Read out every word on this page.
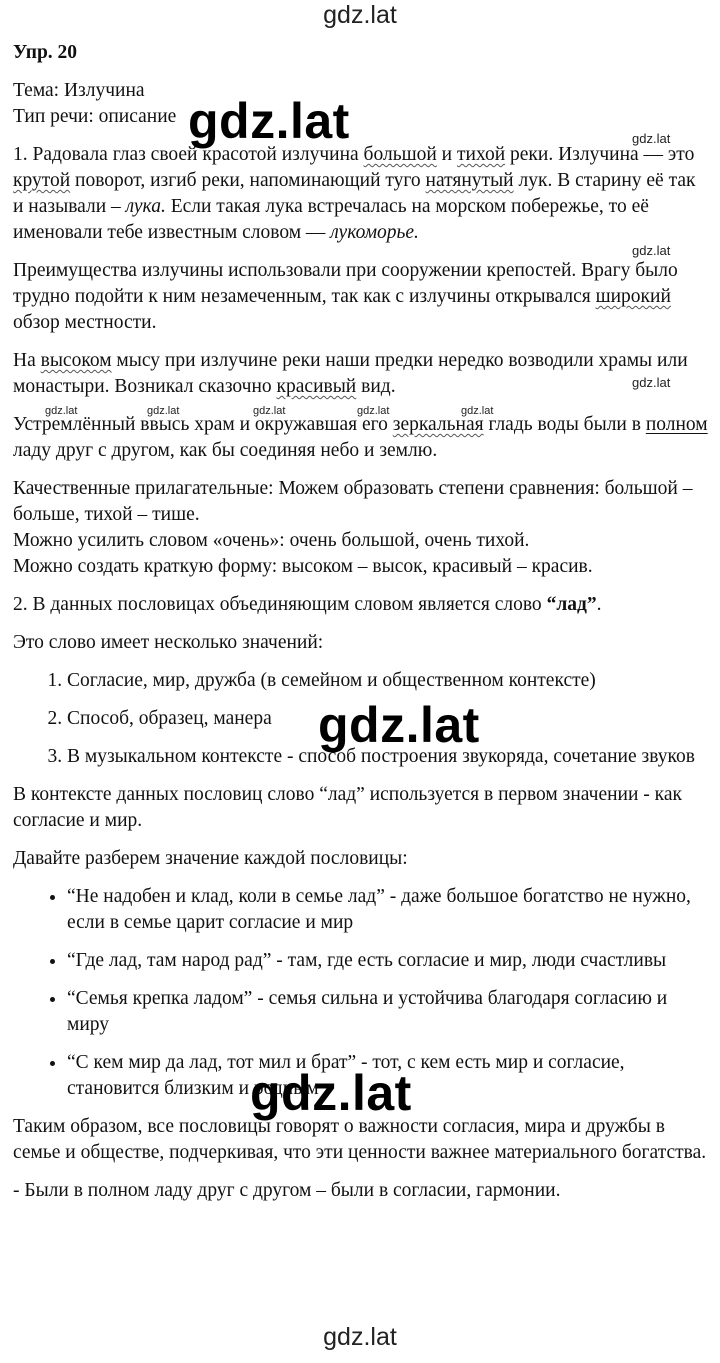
gdz.lat
Упр. 20

Тема: Излучина

Тип речи: описание

1. Радовала глаз своей красотой излучина большой и тихой реки. Излучина — это крутой поворот, изгиб реки, напоминающий туго натянутый лук. В старину её так и называли – лука. Если такая лука встречалась на морском побережье, то её именовали тебе известным словом — лукоморье.

Преимущества излучины использовали при сооружении крепостей. Врагу было трудно подойти к ним незамеченным, так как с излучины открывался широкий обзор местности.

На высоком мысу при излучине реки наши предки нередко возводили храмы или монастыри. Возникал сказочно красивый вид.

Устремлённый ввысь храм и окружавшая его зеркальная гладь воды были в полном ладу друг с другом, как бы соединяя небо и землю.

Качественные прилагательные: Можем образовать степени сравнения: большой – больше, тихой – тише.

Можно усилить словом «очень»: очень большой, очень тихой.

Можно создать краткую форму: высоком – высок, красивый – красив.

2. В данных пословицах объединяющим словом является слово “лад”.

Это слово имеет несколько значений:

1. Согласие, мир, дружба (в семейном и общественном контексте)
2. Способ, образец, манера
3. В музыкальном контексте - способ построения звукоряда, сочетание звуков

В контексте данных пословиц слово “лад” используется в первом значении - как согласие и мир.

Давайте разберем значение каждой пословицы:

• “Не надобен и клад, коли в семье лад” - даже большое богатство не нужно, если в семье царит согласие и мир
• “Где лад, там народ рад” - там, где есть согласие и мир, люди счастливы
• “Семья крепка ладом” - семья сильна и устойчива благодаря согласию и миру
• “С кем мир да лад, тот мил и брат” - тот, с кем есть мир и согласие, становится близким и родным

Таким образом, все пословицы говорят о важности согласия, мира и дружбы в семье и обществе, подчеркивая, что эти ценности важнее материального богатства.

- Были в полном ладу друг с другом – были в согласии, гармонии.

gdz.lat
gdz.lat
gdz.lat
gdz.lat
gdz.lat
gdz.lat
gdz.lat	gdz.lat	gdz.lat	gdz.lat	gdz.lat
gdz.lat
